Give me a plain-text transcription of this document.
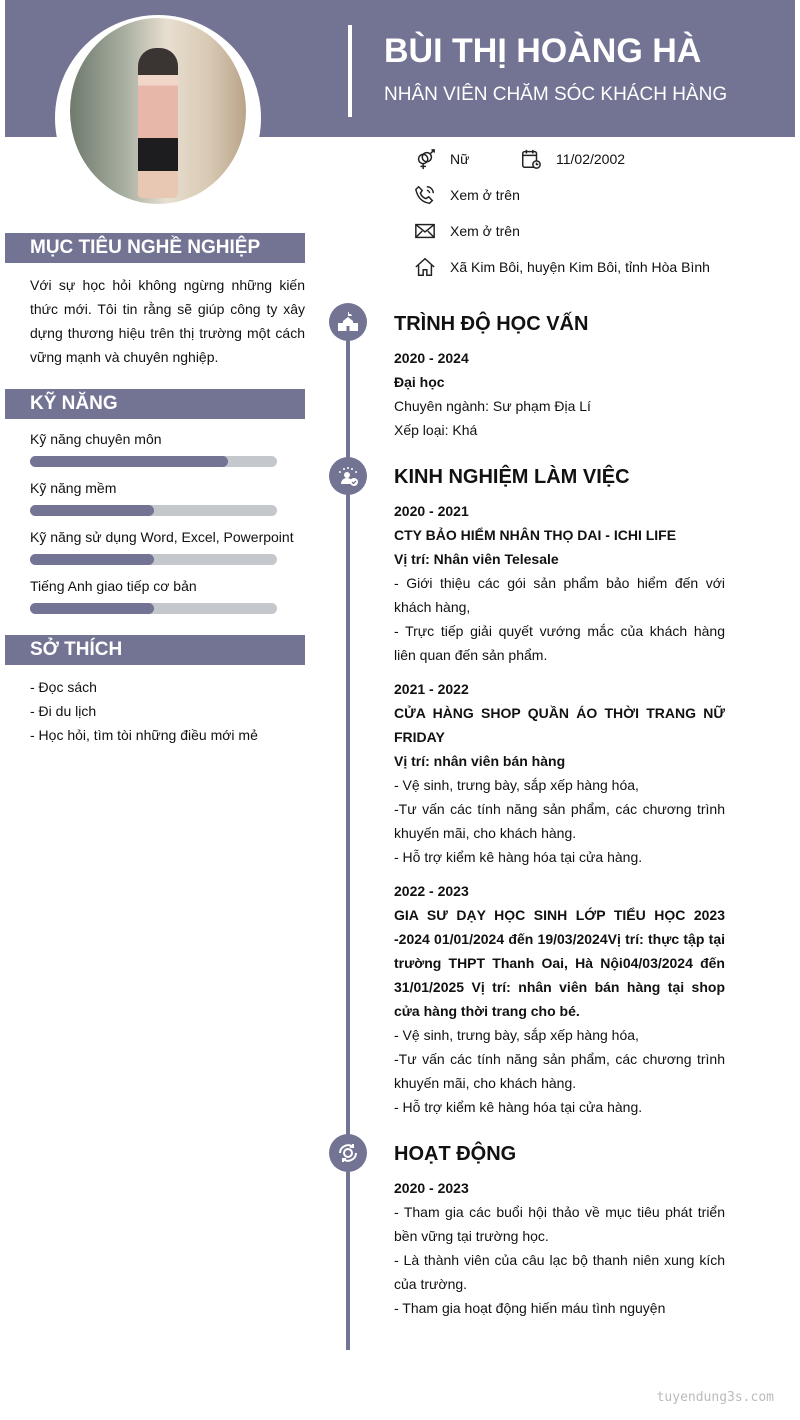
BÙI THỊ HOÀNG HÀ
NHÂN VIÊN CHĂM SÓC KHÁCH HÀNG
Nữ	11/02/2002
Xem ở trên
Xem ở trên
Xã Kim Bôi, huyện Kim Bôi, tỉnh Hòa Bình
MỤC TIÊU NGHỀ NGHIỆP

Với sự học hỏi không ngừng những kiến thức mới. Tôi tin rằng sẽ giúp công ty xây dựng thương hiệu trên thị trường một cách vững mạnh và chuyên nghiệp.

KỸ NĂNG
Kỹ năng chuyên môn
Kỹ năng mềm
Kỹ năng sử dụng Word, Excel, Powerpoint
Tiếng Anh giao tiếp cơ bản
SỞ THÍCH
- Đọc sách
- Đi du lịch
- Học hỏi, tìm tòi những điều mới mẻ
TRÌNH ĐỘ HỌC VẤN
2020 - 2024
Đại học
Chuyên ngành: Sư phạm Địa Lí
Xếp loại: Khá
KINH NGHIỆM LÀM VIỆC
2020 - 2021

CTY BẢO HIỂM NHÂN THỌ DAI - ICHI LIFE

Vị trí: Nhân viên Telesale

- Giới thiệu các gói sản phẩm bảo hiểm đến với khách hàng,

- Trực tiếp giải quyết vướng mắc của khách hàng liên quan đến sản phẩm.

2021 - 2022

CỬA HÀNG SHOP QUẦN ÁO THỜI TRANG NỮ FRIDAY

Vị trí: nhân viên bán hàng

- Vệ sinh, trưng bày, sắp xếp hàng hóa,

-Tư vấn các tính năng sản phẩm, các chương trình khuyến mãi, cho khách hàng.

- Hỗ trợ kiểm kê hàng hóa tại cửa hàng.

2022 - 2023

GIA SƯ DẠY HỌC SINH LỚP TIỂU HỌC 2023 -2024 01/01/2024 đến 19/03/2024Vị trí: thực tập tại trường THPT Thanh Oai, Hà Nội04/03/2024 đến 31/01/2025 Vị trí: nhân viên bán hàng tại shop cửa hàng thời trang cho bé.

- Vệ sinh, trưng bày, sắp xếp hàng hóa,

-Tư vấn các tính năng sản phẩm, các chương trình khuyến mãi, cho khách hàng.

- Hỗ trợ kiểm kê hàng hóa tại cửa hàng.

HOẠT ĐỘNG
2020 - 2023

- Tham gia các buổi hội thảo về mục tiêu phát triển bền vững tại trường học.

- Là thành viên của câu lạc bộ thanh niên xung kích của trường.

- Tham gia hoạt động hiến máu tình nguyện

tuyendung3s.com
